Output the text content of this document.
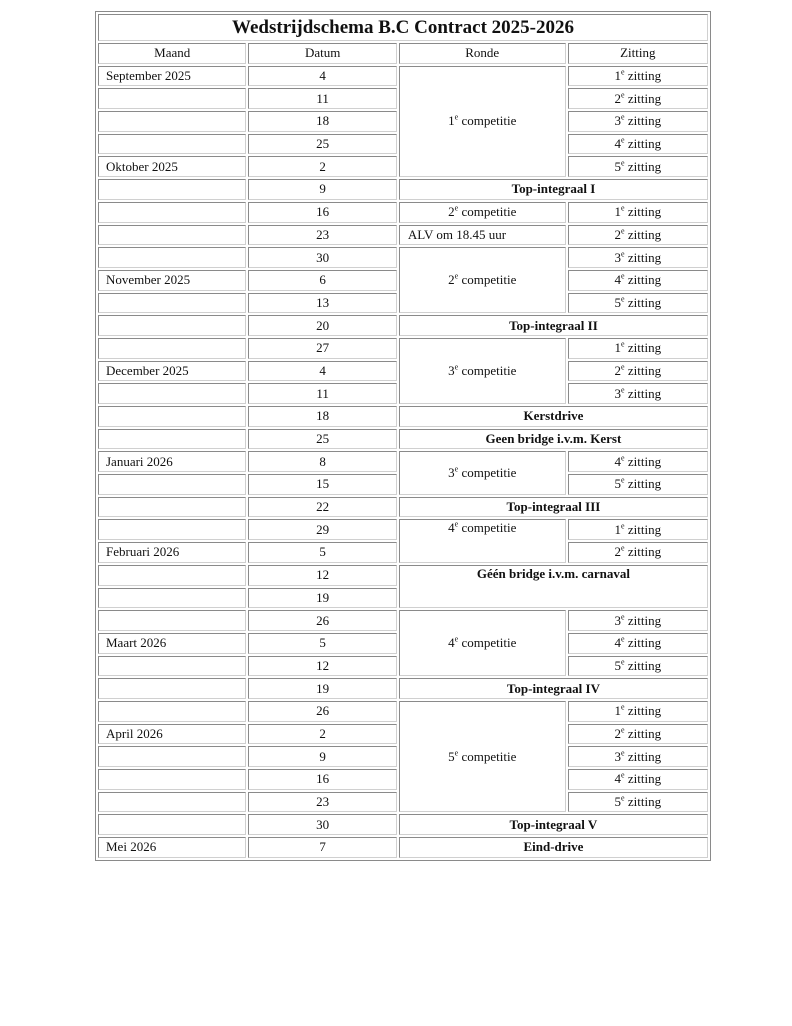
Wedstrijdschema B.C Contract 2025-2026			
Maand	Datum	Ronde	Zitting
September 2025	4	1e competitie	1e zitting
	11		2e zitting
	18		3e zitting
	25		4e zitting
Oktober 2025	2		5e zitting
	9	Top-integraal I	
	16	2e competitie	1e zitting
	23	ALV om 18.45 uur	2e zitting
	30	2e competitie	3e zitting
November 2025	6		4e zitting
	13		5e zitting
	20	Top-integraal II	
	27	3e competitie	1e zitting
December 2025	4		2e zitting
	11		3e zitting
	18	Kerstdrive	
	25	Geen bridge i.v.m. Kerst	
Januari 2026	8	3e competitie	4e zitting
	15		5e zitting
	22	Top-integraal III	
	29	4e competitie	1e zitting
Februari 2026	5		2e zitting
	12	Géén bridge i.v.m. carnaval	
	19		
	26	4e competitie	3e zitting
Maart 2026	5		4e zitting
	12		5e zitting
	19	Top-integraal IV	
	26	5e competitie	1e zitting
April 2026	2		2e zitting
	9		3e zitting
	16		4e zitting
	23		5e zitting
	30	Top-integraal V	
Mei 2026	7	Eind-drive	
